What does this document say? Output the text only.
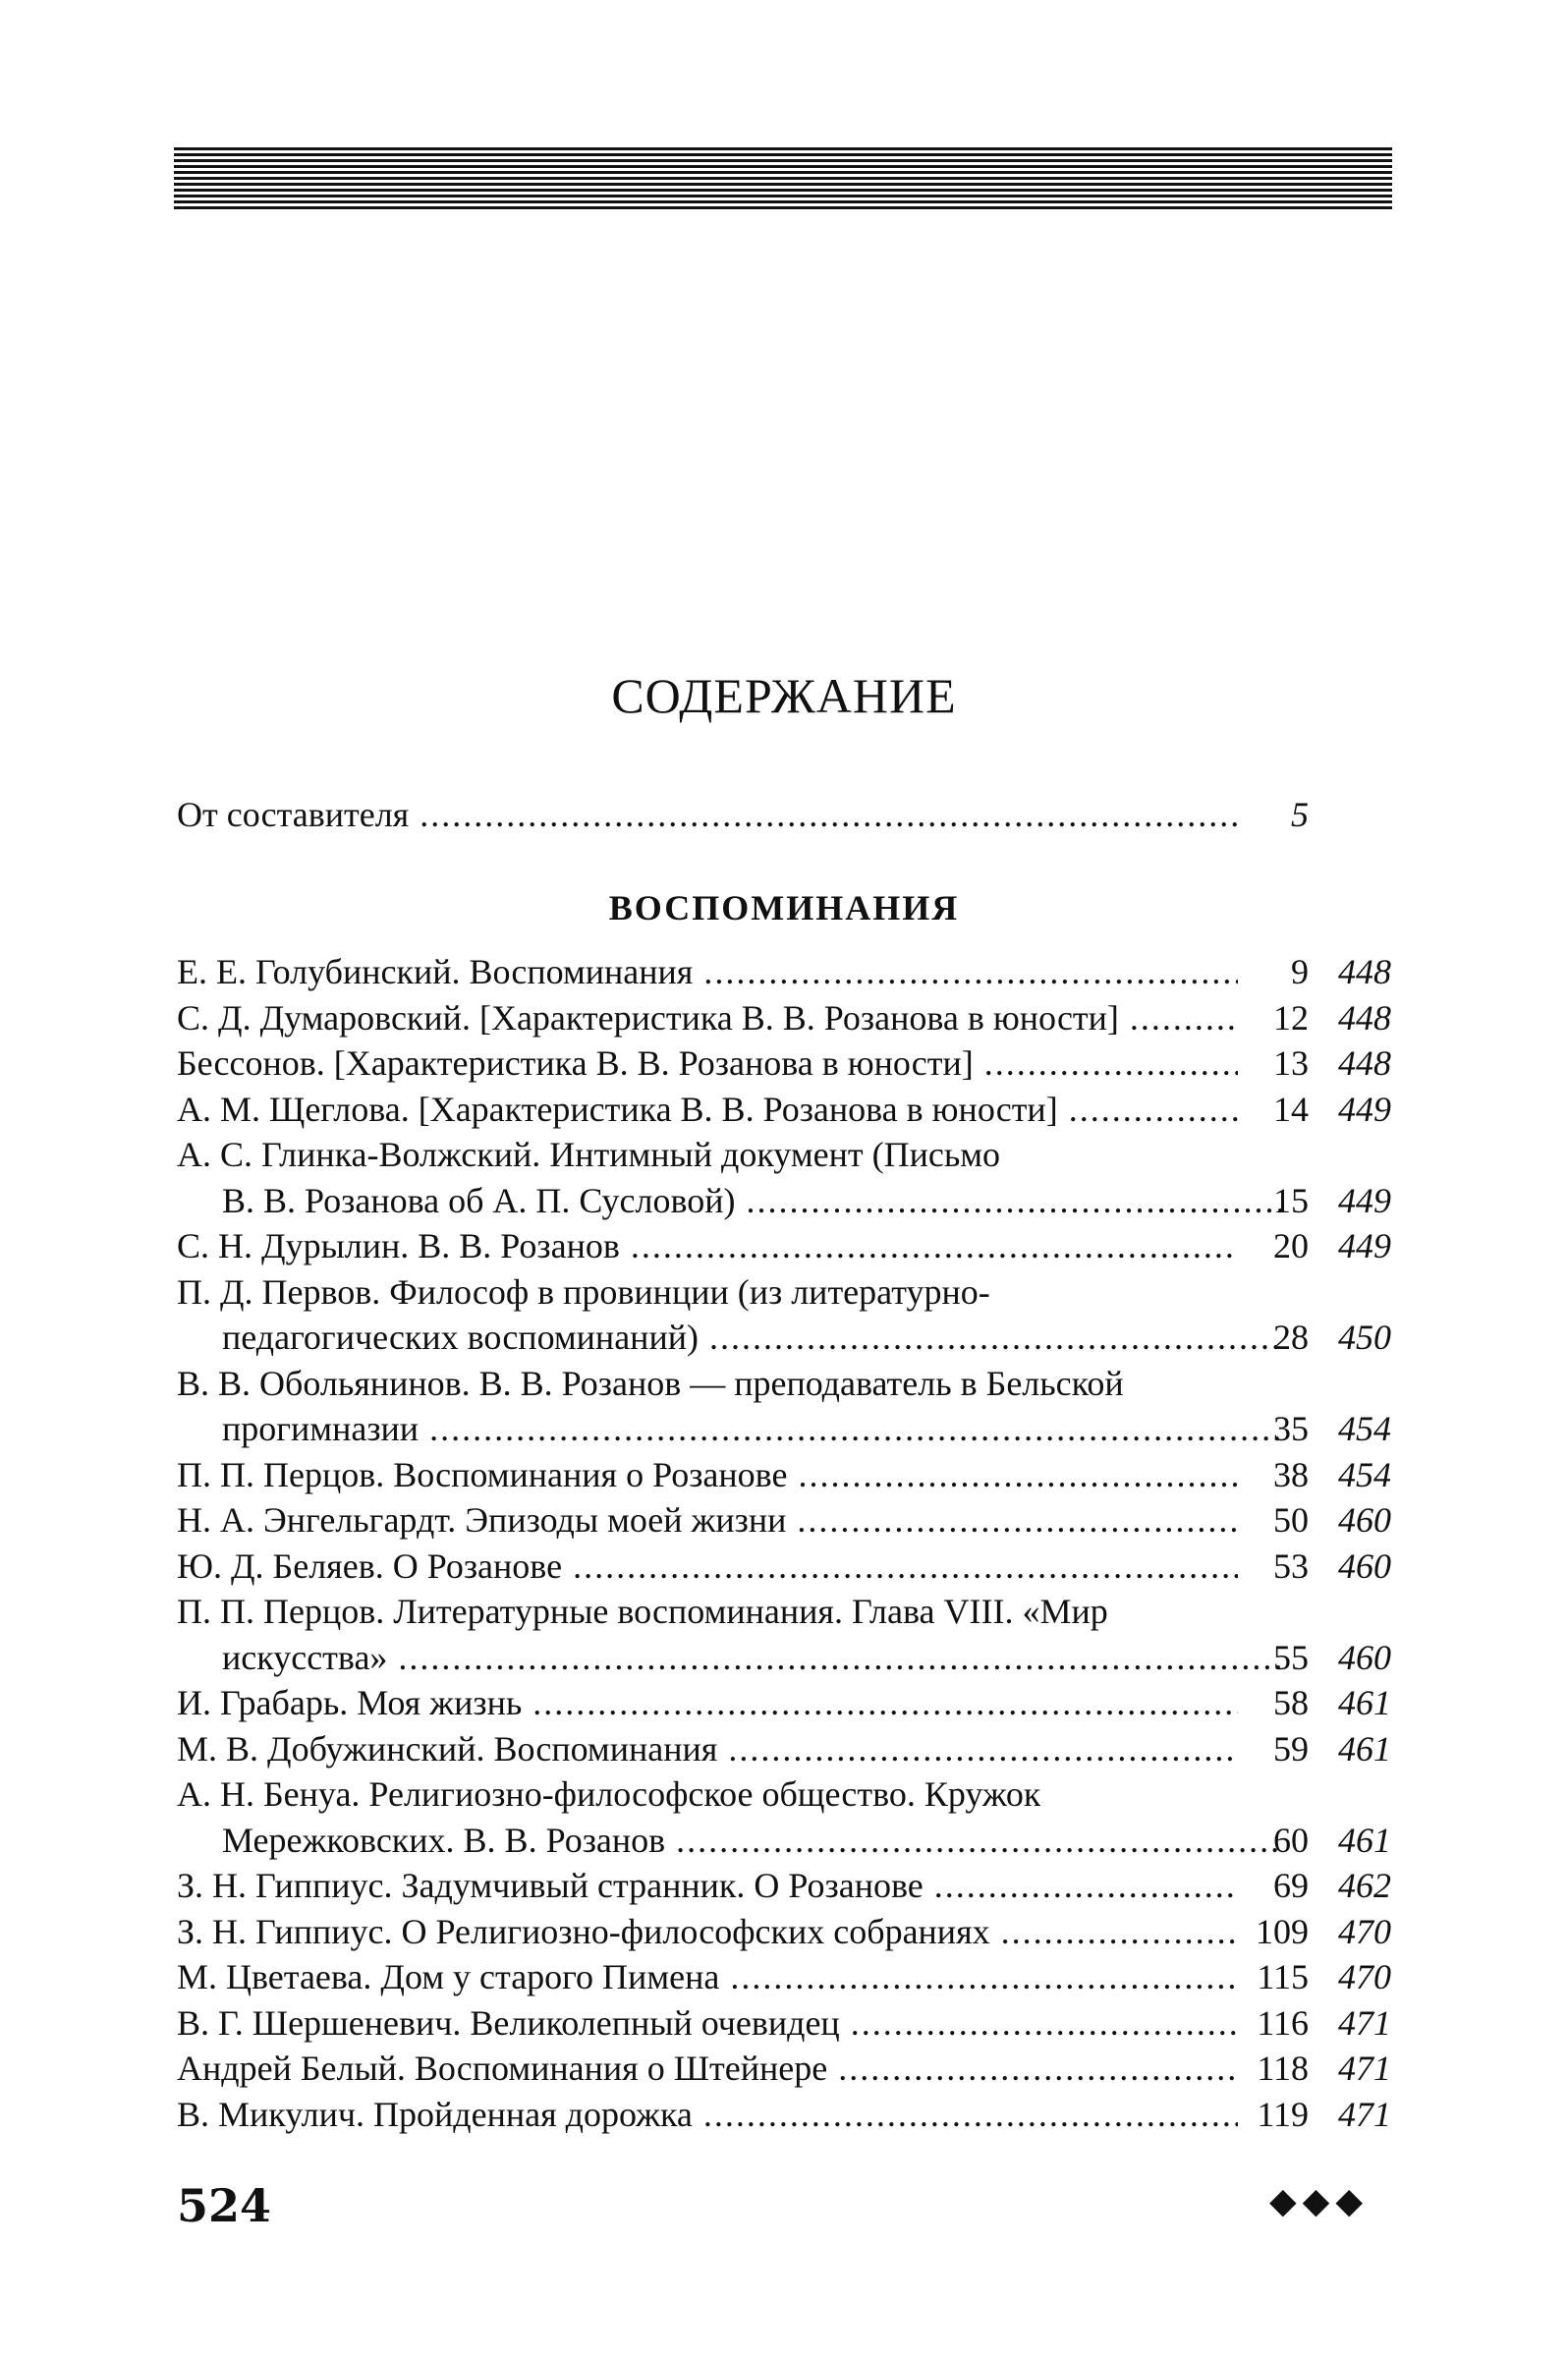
СОДЕРЖАНИЕ
От составителя .....	5
ВОСПОМИНАНИЯ
Е. Е. Голубинский. Воспоминания .....	9 448
С. Д. Думаровский. [Характеристика В. В. Розанова в юности] .....	12 448
Бессонов. [Характеристика В. В. Розанова в юности] .....	13 448
А. М. Щеглова. [Характеристика В. В. Розанова в юности] .....	14 449
А. С. Глинка-Волжский. Интимный документ (Письмо
В. В. Розанова об А. П. Сусловой) .....	15 449
С. Н. Дурылин. В. В. Розанов .....	20 449
П. Д. Первов. Философ в провинции (из литературно-
педагогических воспоминаний) .....	28 450
В. В. Обольянинов. В. В. Розанов — преподаватель в Бельской
прогимназии .....	35 454
П. П. Перцов. Воспоминания о Розанове .....	38 454
Н. А. Энгельгардт. Эпизоды моей жизни .....	50 460
Ю. Д. Беляев. О Розанове .....	53 460
П. П. Перцов. Литературные воспоминания. Глава VIII. «Мир
искусства» .....	55 460
И. Грабарь. Моя жизнь .....	58 461
М. В. Добужинский. Воспоминания .....	59 461
А. Н. Бенуа. Религиозно-философское общество. Кружок
Мережковских. В. В. Розанов .....	60 461
З. Н. Гиппиус. Задумчивый странник. О Розанове .....	69 462
З. Н. Гиппиус. О Религиозно-философских собраниях .....	109 470
М. Цветаева. Дом у старого Пимена .....	115 470
В. Г. Шершеневич. Великолепный очевидец .....	116 471
Андрей Белый. Воспоминания о Штейнере .....	118 471
В. Микулич. Пройденная дорожка .....	119 471
524	◆◆◆
